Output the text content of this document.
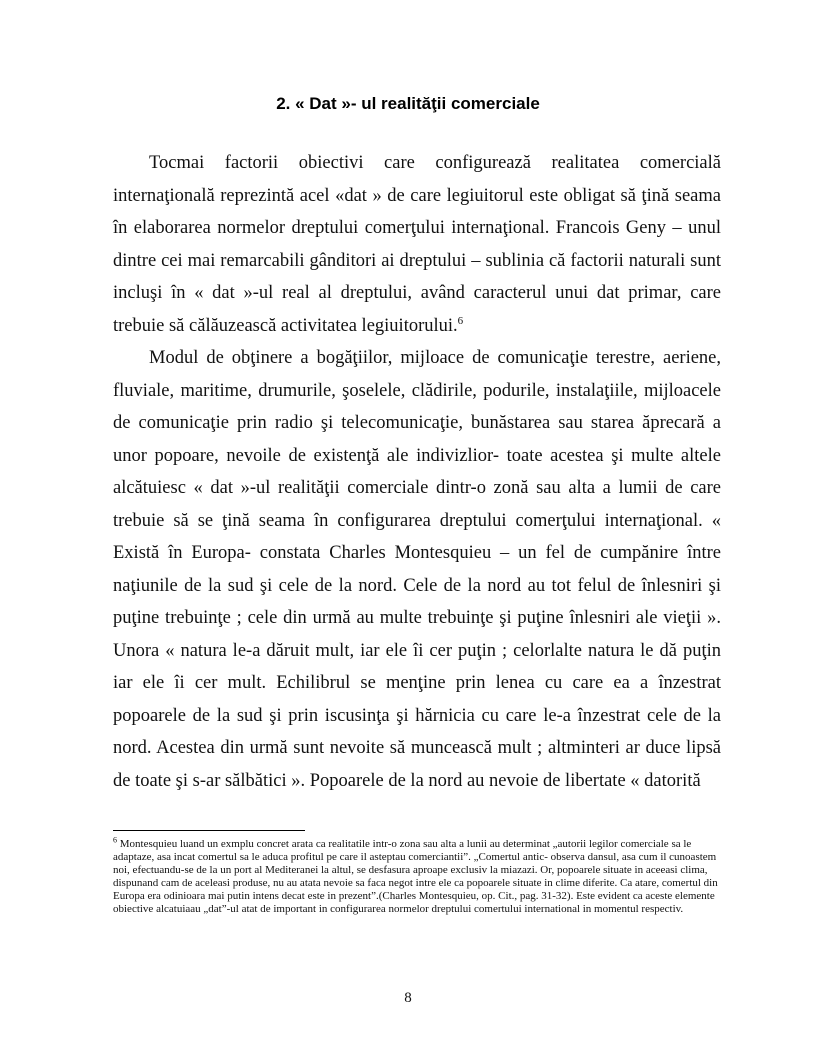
2. « Dat »- ul realităţii comerciale

Tocmai factorii obiectivi care configurează realitatea comercială internaţională reprezintă acel «dat » de care legiuitorul este obligat să ţină seama în elaborarea normelor dreptului comerţului internaţional. Francois Geny – unul dintre cei mai remarcabili gânditori ai dreptului – sublinia că factorii naturali sunt incluşi în « dat »-ul real al dreptului, având caracterul unui dat primar, care trebuie să călăuzească activitatea legiuitorului.$^6$

Modul de obţinere a bogăţiilor, mijloace de comunicaţie terestre, aeriene, fluviale, maritime, drumurile, şoselele, clădirile, podurile, instalaţiile, mijloacele de comunicaţie prin radio şi telecomunicaţie, bunăstarea sau starea ăprecară a unor popoare, nevoile de existenţă ale indivizlior- toate acestea şi multe altele alcătuiesc « dat »-ul realităţii comerciale dintr-o zonă sau alta a lumii de care trebuie să se ţină seama în configurarea dreptului comerţului internaţional. « Există în Europa- constata Charles Montesquieu – un fel de cumpănire între naţiunile de la sud şi cele de la nord. Cele de la nord au tot felul de înlesniri şi puţine trebuinţe ; cele din urmă au multe trebuinţe şi puţine înlesniri ale vieţii ». Unora « natura le-a dăruit mult, iar ele îi cer puţin ; celorlalte natura le dă puţin iar ele îi cer mult. Echilibrul se menţine prin lenea cu care ea a înzestrat popoarele de la sud şi prin iscusinţa şi hărnicia cu care le-a înzestrat cele de la nord. Acestea din urmă sunt nevoite să muncească mult ; altminteri ar duce lipsă de toate şi s-ar sălbătici ». Popoarele de la nord au nevoie de libertate « datorită

$^6$ Montesquieu luand un exmplu concret arata ca realitatile intr-o zona sau alta a lunii au determinat „autorii legilor comerciale sa le adaptaze, asa incat comertul sa le aduca profitul pe care il asteptau comerciantii”. „Comertul antic- observa dansul, asa cum il cunoastem noi, efectuandu-se de la un port al Mediteranei la altul, se desfasura aproape exclusiv la miazazi. Or, popoarele situate in aceeasi clima, dispunand cam de aceleasi produse, nu au atata nevoie sa faca negot intre ele ca popoarele situate in clime diferite. Ca atare, comertul din Europa era odinioara mai putin intens decat este in prezent”.(Charles Montesquieu, op. Cit., pag. 31-32). Este evident ca aceste elemente obiective alcatuiaau „dat”-ul atat de important in configurarea normelor dreptului comertului international in momentul respectiv.
8
